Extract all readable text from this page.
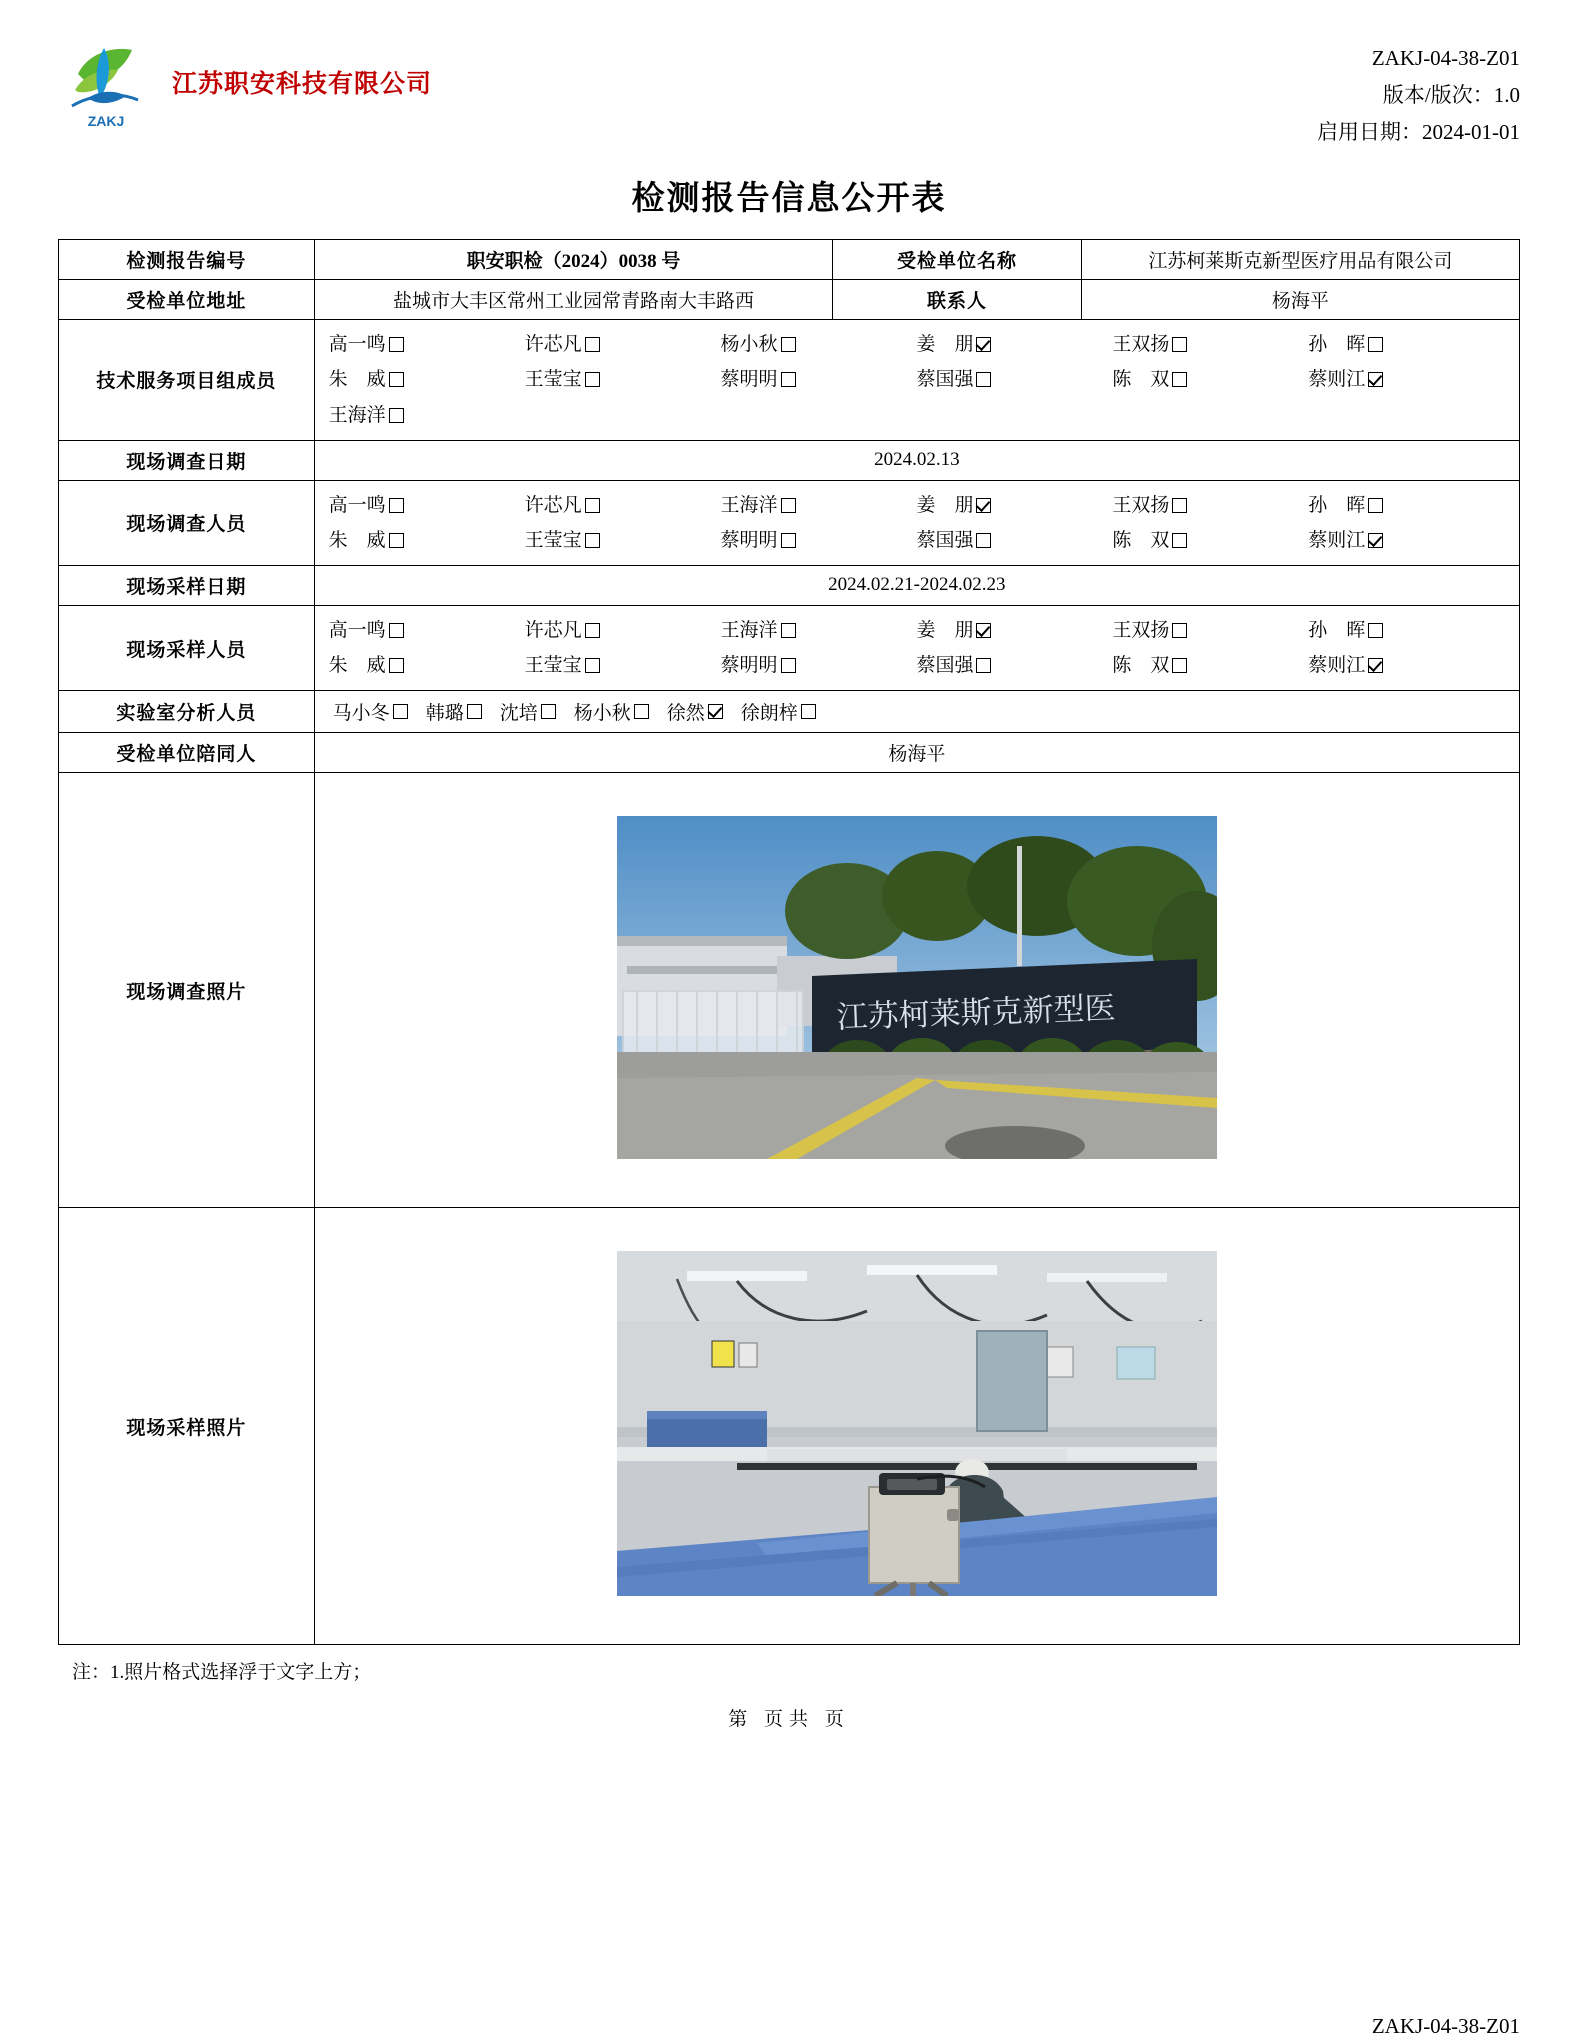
ZAKJ
江苏职安科技有限公司
ZAKJ-04-38-Z01
版本/版次：1.0
启用日期：2024-01-01
检测报告信息公开表
检测报告编号	职安职检（2024）0038 号	受检单位名称	江苏柯莱斯克新型医疗用品有限公司
受检单位地址	盐城市大丰区常州工业园常青路南大丰路西	联系人	杨海平
技术服务项目组成员	
高一鸣	许芯凡	杨小秋	姜　朋	王双扬	孙　晖
朱　威	王莹宝	蔡明明	蔡国强	陈　双	蔡则江
王海洋

现场调查日期	2024.02.13		
现场调查人员	
高一鸣	许芯凡	王海洋	姜　朋	王双扬	孙　晖
朱　威	王莹宝	蔡明明	蔡国强	陈　双	蔡则江

现场采样日期	2024.02.21-2024.02.23		
现场采样人员	
高一鸣	许芯凡	王海洋	姜　朋	王双扬	孙　晖
朱　威	王莹宝	蔡明明	蔡国强	陈　双	蔡则江

实验室分析人员	马小冬 韩璐 沈培 杨小秋 徐然 徐朗梓

受检单位陪同人	杨海平		
现场调查照片	江苏柯莱斯克新型医		

现场采样照片	
注：1.照片格式选择浮于文字上方；
第 页共 页
ZAKJ-04-38-Z01
